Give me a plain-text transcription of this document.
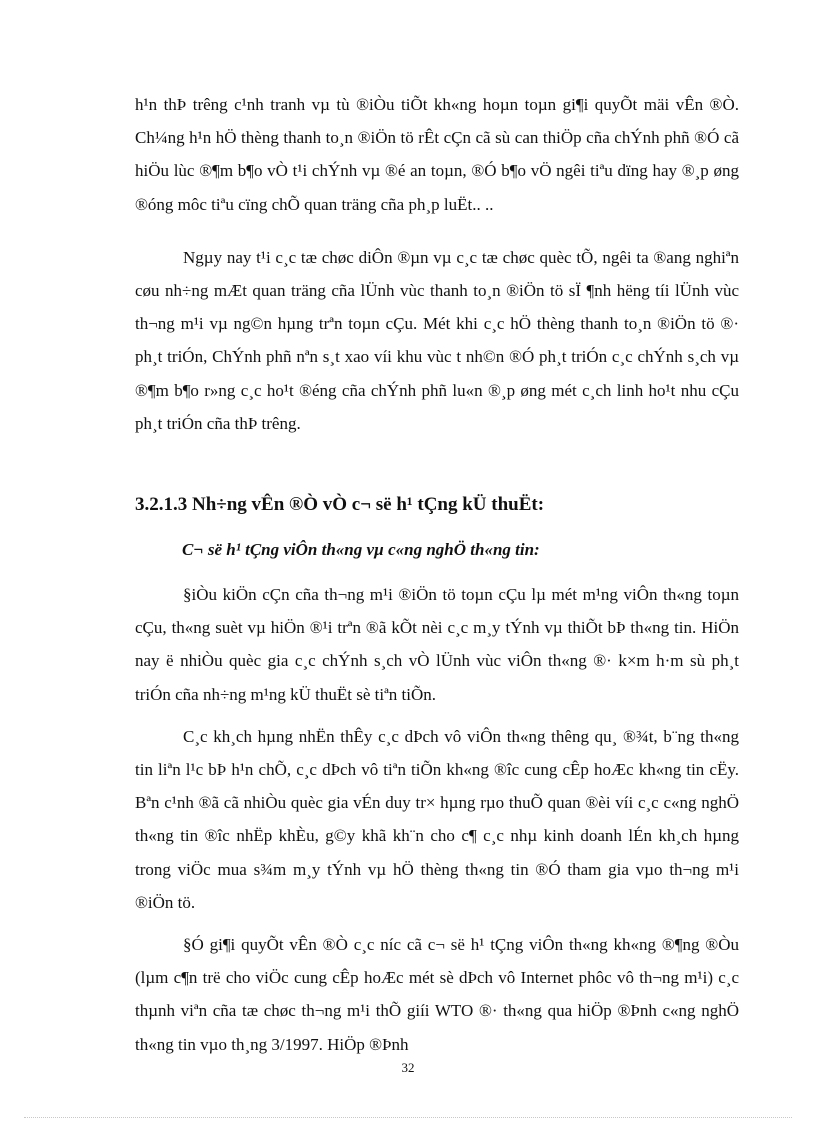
h¹n thÞ trêng c¹nh tranh vµ tù ®iÒu tiÕt kh«ng hoµn toµn gi¶i quyÕt mäi vÊn ®Ò. Ch¼ng h¹n hÖ thèng thanh to¸n ®iÖn tö rÊt cÇn cã sù can thiÖp cña chÝnh phñ ®Ó cã hiÖu lùc ®¶m b¶o vÒ t¹i chÝnh vµ ®é an toµn, ®Ó b¶o vÖ ngêi tiªu dïng hay ®¸p øng ®óng môc tiªu cïng chÕ quan träng cña ph¸p luËt.. ..

Ngµy nay t¹i c¸c tæ chøc diÔn ®µn vµ c¸c tæ chøc quèc tÕ, ngêi ta ®ang nghiªn cøu nh÷ng mÆt quan träng cña lÜnh vùc thanh to¸n ®iÖn tö sÏ ¶nh hëng tíi lÜnh vùc th¬ng m¹i vµ ng©n hµng trªn toµn cÇu. Mét khi c¸c hÖ thèng thanh to¸n ®iÖn tö ®· ph¸t triÓn, ChÝnh phñ nªn s¸t xao víi khu vùc t nh©n ®Ó ph¸t triÓn c¸c chÝnh s¸ch vµ ®¶m b¶o r»ng c¸c ho¹t ®éng cña chÝnh phñ lu«n ®¸p øng mét c¸ch linh ho¹t nhu cÇu ph¸t triÓn cña thÞ trêng.

3.2.1.3 Nh÷ng vÊn ®Ò vÒ c¬ së h¹ tÇng kÜ thuËt:

C¬ së h¹ tÇng viÔn th«ng vµ c«ng nghÖ th«ng tin:

§iÒu kiÖn cÇn cña th¬ng m¹i ®iÖn tö toµn cÇu lµ mét m¹ng viÔn th«ng toµn cÇu, th«ng suèt vµ hiÖn ®¹i trªn ®ã kÕt nèi c¸c m¸y tÝnh vµ thiÕt bÞ th«ng tin. HiÖn nay ë nhiÒu quèc gia c¸c chÝnh s¸ch vÒ lÜnh vùc viÔn th«ng ®· k×m h·m sù ph¸t triÓn cña nh÷ng m¹ng kÜ thuËt sè tiªn tiÕn.

C¸c kh¸ch hµng nhËn thÊy c¸c dÞch vô viÔn th«ng thêng qu¸ ®¾t, b¨ng th«ng tin liªn l¹c bÞ h¹n chÕ, c¸c dÞch vô tiªn tiÕn kh«ng ®îc cung cÊp hoÆc kh«ng tin cËy. Bªn c¹nh ®ã cã nhiÒu quèc gia vÉn duy tr× hµng rµo thuÕ quan ®èi víi c¸c c«ng nghÖ th«ng tin ®îc nhËp khÈu, g©y khã kh¨n cho c¶ c¸c nhµ kinh doanh lÉn kh¸ch hµng trong viÖc mua s¾m m¸y tÝnh vµ hÖ thèng th«ng tin ®Ó tham gia vµo th¬ng m¹i ®iÖn tö.

§Ó gi¶i quyÕt vÊn ®Ò c¸c níc cã c¬ së h¹ tÇng viÔn th«ng kh«ng ®¶ng ®Òu (lµm c¶n trë cho viÖc cung cÊp hoÆc mét sè dÞch vô Internet phôc vô th¬ng m¹i) c¸c thµnh viªn cña tæ chøc th¬ng m¹i thÕ giíi WTO ®· th«ng qua hiÖp ®Þnh c«ng nghÖ th«ng tin vµo th¸ng 3/1997. HiÖp ®Þnh

32
